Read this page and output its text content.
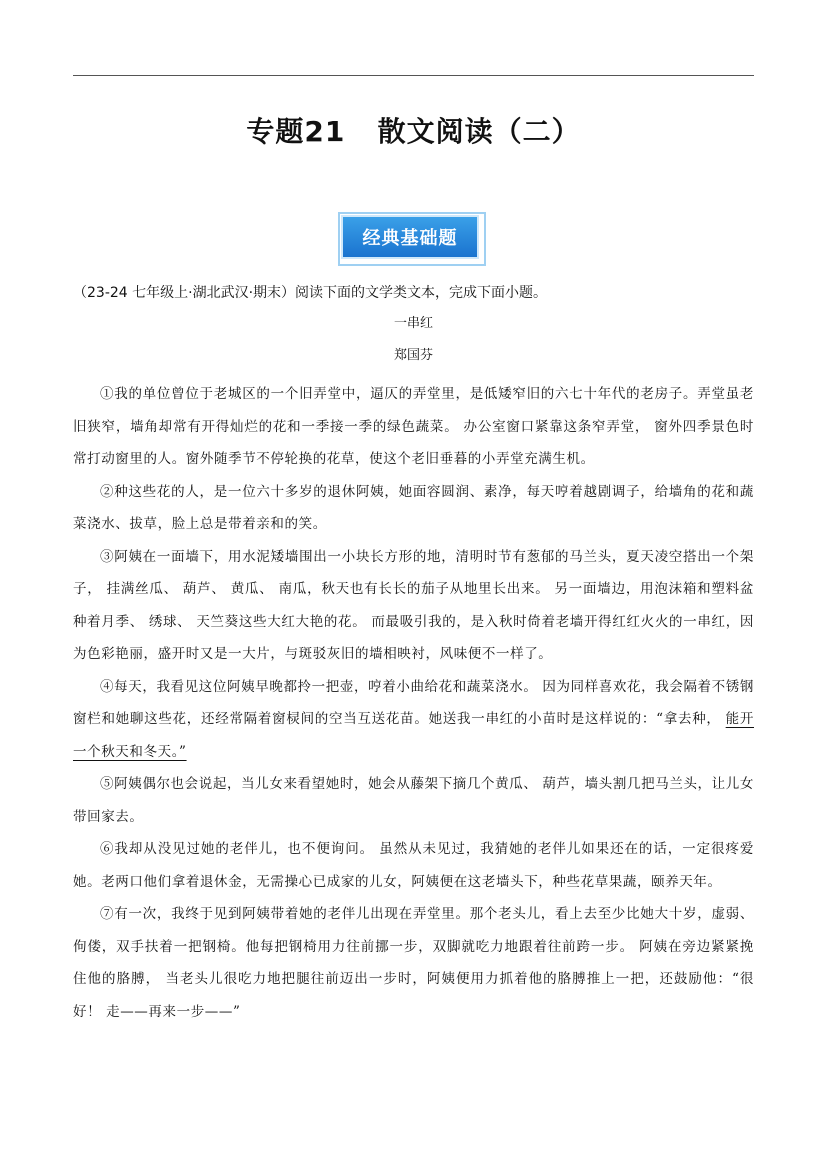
专题21   散文阅读（二）
经典基础题
（23-24 七年级上·湖北武汉·期末）阅读下面的文学类文本，完成下面小题。
一串红
郑国芬

①我的单位曾位于老城区的一个旧弄堂中，逼仄的弄堂里，是低矮窄旧的六七十年代的老房子。弄堂虽老旧狭窄，墙角却常有开得灿烂的花和一季接一季的绿色蔬菜。 办公室窗口紧靠这条窄弄堂， 窗外四季景色时常打动窗里的人。窗外随季节不停轮换的花草，使这个老旧垂暮的小弄堂充满生机。

②种这些花的人，是一位六十多岁的退休阿姨，她面容圆润、素净，每天哼着越剧调子，给墙角的花和蔬菜浇水、拔草，脸上总是带着亲和的笑。

③阿姨在一面墙下，用水泥矮墙围出一小块长方形的地，清明时节有葱郁的马兰头，夏天凌空搭出一个架子， 挂满丝瓜、 葫芦、 黄瓜、 南瓜，秋天也有长长的茄子从地里长出来。 另一面墙边，用泡沫箱和塑料盆种着月季、 绣球、 天竺葵这些大红大艳的花。 而最吸引我的，是入秋时倚着老墙开得红红火火的一串红，因为色彩艳丽，盛开时又是一大片，与斑驳灰旧的墙相映衬，风味便不一样了。

④每天，我看见这位阿姨早晚都拎一把壶，哼着小曲给花和蔬菜浇水。 因为同样喜欢花，我会隔着不锈钢窗栏和她聊这些花，还经常隔着窗棂间的空当互送花苗。她送我一串红的小苗时是这样说的：“拿去种， 能开一个秋天和冬天。”

⑤阿姨偶尔也会说起，当儿女来看望她时，她会从藤架下摘几个黄瓜、 葫芦，墙头割几把马兰头，让儿女带回家去。

⑥我却从没见过她的老伴儿，也不便询问。 虽然从未见过，我猜她的老伴儿如果还在的话，一定很疼爱她。老两口他们拿着退休金，无需操心已成家的儿女，阿姨便在这老墙头下，种些花草果蔬，颐养天年。

⑦有一次，我终于见到阿姨带着她的老伴儿出现在弄堂里。那个老头儿，看上去至少比她大十岁，虚弱、佝偻，双手扶着一把钢椅。他每把钢椅用力往前挪一步，双脚就吃力地跟着往前跨一步。 阿姨在旁边紧紧挽住他的胳膊， 当老头儿很吃力地把腿往前迈出一步时，阿姨便用力抓着他的胳膊推上一把，还鼓励他：“很好！ 走——再来一步——”
